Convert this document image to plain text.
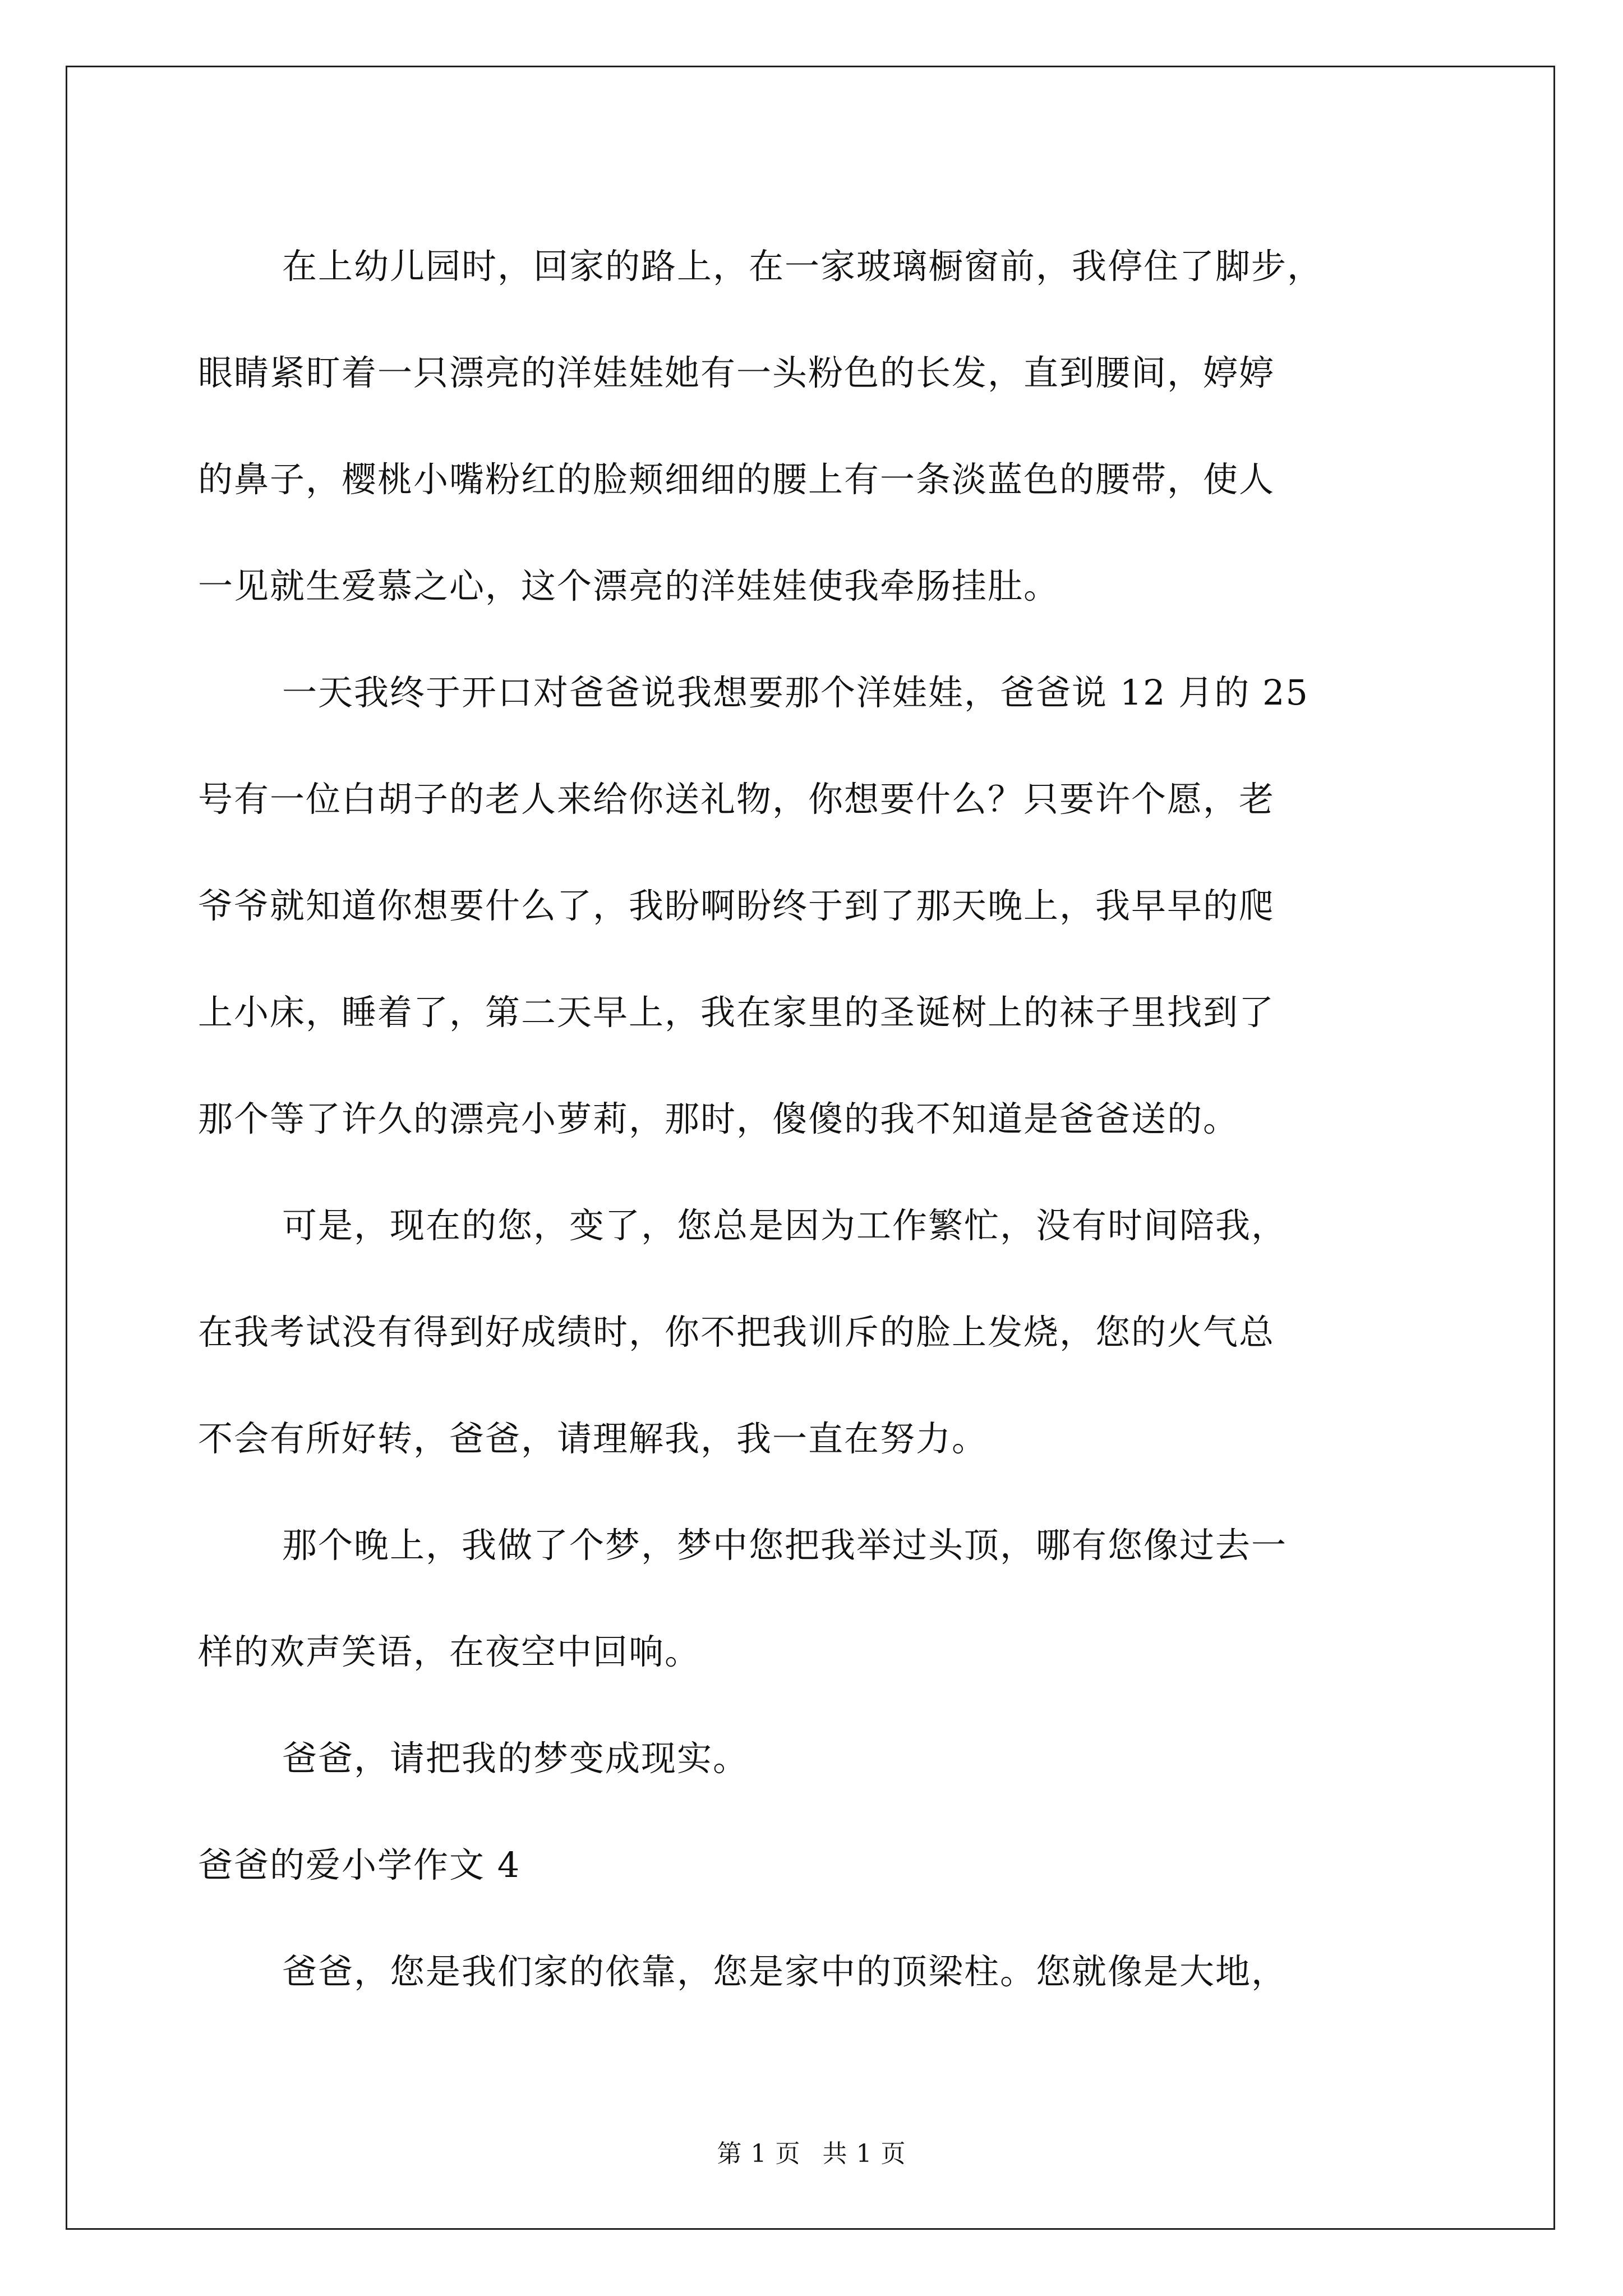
在上幼儿园时，回家的路上，在一家玻璃橱窗前，我停住了脚步，
眼睛紧盯着一只漂亮的洋娃娃她有一头粉色的长发，直到腰间，婷婷
的鼻子，樱桃小嘴粉红的脸颊细细的腰上有一条淡蓝色的腰带，使人
一见就生爱慕之心，这个漂亮的洋娃娃使我牵肠挂肚。
一天我终于开口对爸爸说我想要那个洋娃娃，爸爸说 12 月的 25
号有一位白胡子的老人来给你送礼物，你想要什么？只要许个愿，老
爷爷就知道你想要什么了，我盼啊盼终于到了那天晚上，我早早的爬
上小床，睡着了，第二天早上，我在家里的圣诞树上的袜子里找到了
那个等了许久的漂亮小萝莉，那时，傻傻的我不知道是爸爸送的。
可是，现在的您，变了，您总是因为工作繁忙，没有时间陪我，
在我考试没有得到好成绩时，你不把我训斥的脸上发烧，您的火气总
不会有所好转，爸爸，请理解我，我一直在努力。
那个晚上，我做了个梦，梦中您把我举过头顶，哪有您像过去一
样的欢声笑语，在夜空中回响。
爸爸，请把我的梦变成现实。
爸爸的爱小学作文 4
爸爸，您是我们家的依靠，您是家中的顶梁柱。您就像是大地，
第 1 页 共 1 页
